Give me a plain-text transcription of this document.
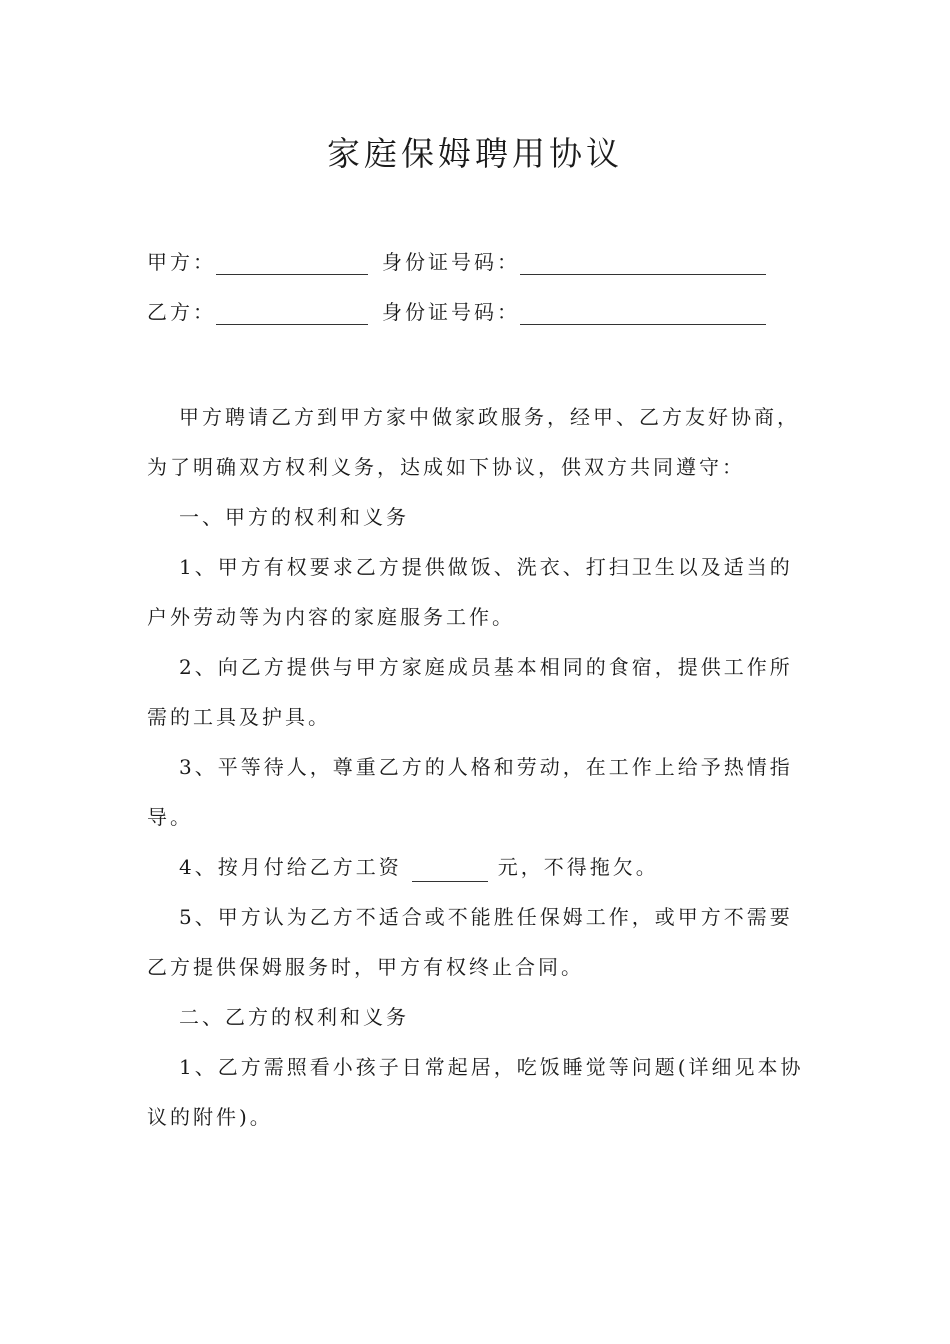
家庭保姆聘用协议
甲方：	身份证号码：
乙方：	身份证号码：

甲方聘请乙方到甲方家中做家政服务，经甲、乙方友好协商，为了明确双方权利义务，达成如下协议，供双方共同遵守：

一、甲方的权利和义务

1、甲方有权要求乙方提供做饭、洗衣、打扫卫生以及适当的户外劳动等为内容的家庭服务工作。

2、向乙方提供与甲方家庭成员基本相同的食宿，提供工作所需的工具及护具。

3、平等待人，尊重乙方的人格和劳动，在工作上给予热情指导。

4、按月付给乙方工资	元，不得拖欠。

5、甲方认为乙方不适合或不能胜任保姆工作，或甲方不需要乙方提供保姆服务时，甲方有权终止合同。

二、乙方的权利和义务

1、乙方需照看小孩子日常起居，吃饭睡觉等问题(详细见本协议的附件)。
